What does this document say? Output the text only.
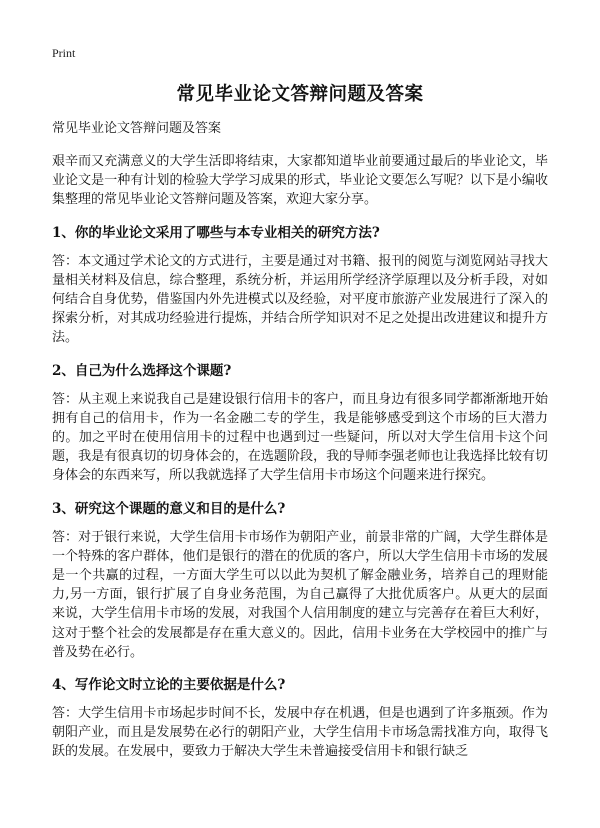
Print
常见毕业论文答辩问题及答案
常见毕业论文答辩问题及答案

艰辛而又充满意义的大学生活即将结束，大家都知道毕业前要通过最后的毕业论文，毕业论文是一种有计划的检验大学学习成果的形式，毕业论文要怎么写呢？以下是小编收集整理的常见毕业论文答辩问题及答案，欢迎大家分享。

1、你的毕业论文采用了哪些与本专业相关的研究方法?

答：本文通过学术论文的方式进行，主要是通过对书籍、报刊的阅览与浏览网站寻找大量相关材料及信息，综合整理，系统分析，并运用所学经济学原理以及分析手段，对如何结合自身优势，借鉴国内外先进模式以及经验，对平度市旅游产业发展进行了深入的探索分析，对其成功经验进行提炼，并结合所学知识对不足之处提出改进建议和提升方法。

2、自己为什么选择这个课题?

答：从主观上来说我自己是建设银行信用卡的客户，而且身边有很多同学都渐渐地开始拥有自己的信用卡，作为一名金融二专的学生，我是能够感受到这个市场的巨大潜力的。加之平时在使用信用卡的过程中也遇到过一些疑问，所以对大学生信用卡这个问题，我是有很真切的切身体会的，在选题阶段，我的导师李强老师也让我选择比较有切身体会的东西来写，所以我就选择了大学生信用卡市场这个问题来进行探究。

3、研究这个课题的意义和目的是什么?

答：对于银行来说，大学生信用卡市场作为朝阳产业，前景非常的广阔，大学生群体是一个特殊的客户群体，他们是银行的潜在的优质的客户，所以大学生信用卡市场的发展是一个共赢的过程，一方面大学生可以以此为契机了解金融业务，培养自己的理财能力,另一方面，银行扩展了自身业务范围，为自己赢得了大批优质客户。从更大的层面来说，大学生信用卡市场的发展，对我国个人信用制度的建立与完善存在着巨大利好，这对于整个社会的发展都是存在重大意义的。因此，信用卡业务在大学校园中的推广与普及势在必行。

4、写作论文时立论的主要依据是什么?

答：大学生信用卡市场起步时间不长，发展中存在机遇，但是也遇到了许多瓶颈。作为朝阳产业，而且是发展势在必行的朝阳产业，大学生信用卡市场急需找准方向，取得飞跃的发展。在发展中，要致力于解决大学生未普遍接受信用卡和银行缺乏
